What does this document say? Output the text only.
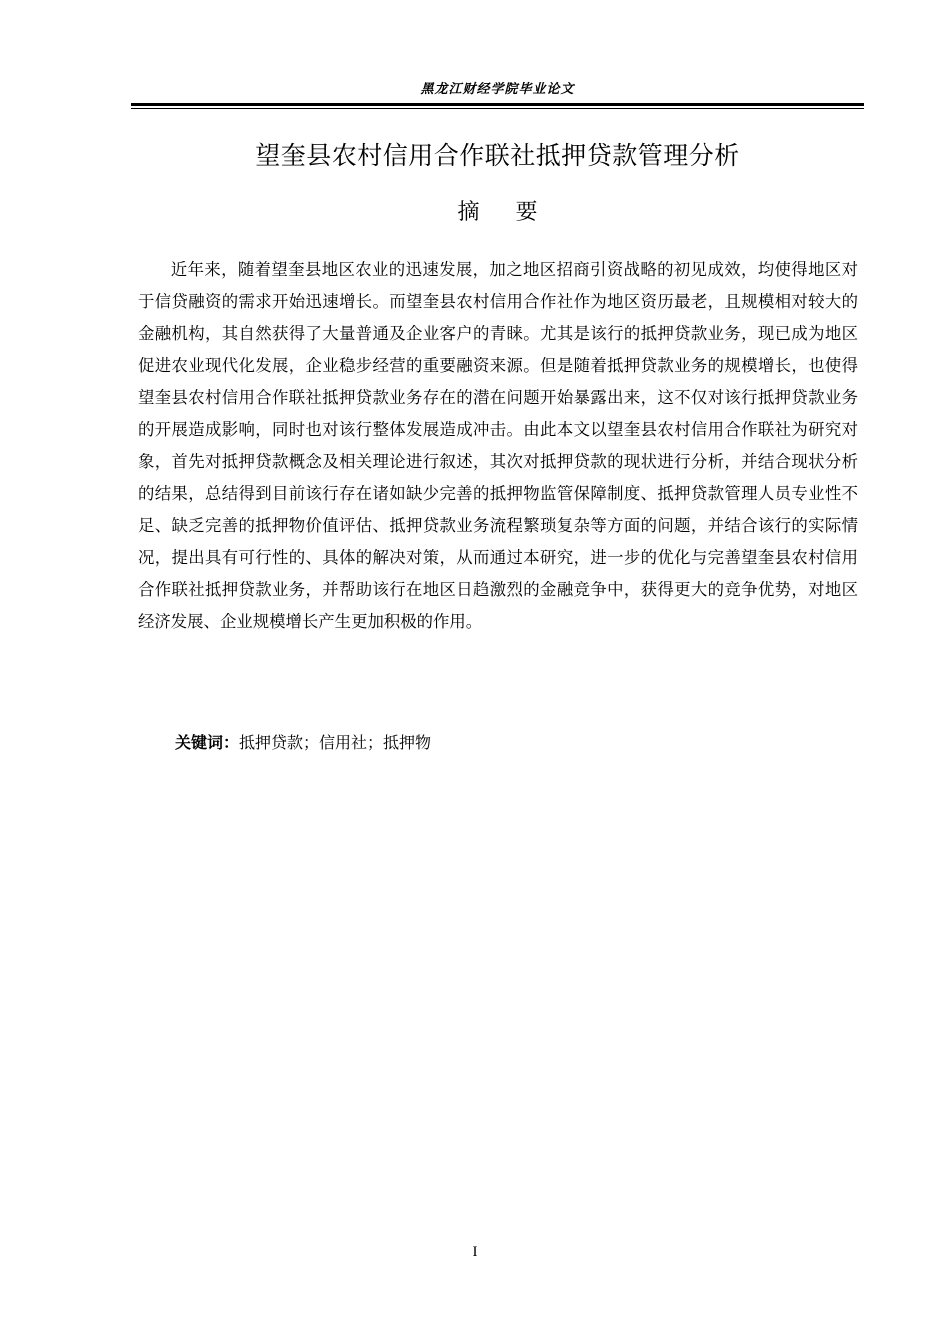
黑龙江财经学院毕业论文
望奎县农村信用合作联社抵押贷款管理分析
摘要

近年来，随着望奎县地区农业的迅速发展，加之地区招商引资战略的初见成效，均使得地区对于信贷融资的需求开始迅速增长。而望奎县农村信用合作社作为地区资历最老，且规模相对较大的金融机构，其自然获得了大量普通及企业客户的青睐。尤其是该行的抵押贷款业务，现已成为地区促进农业现代化发展，企业稳步经营的重要融资来源。但是随着抵押贷款业务的规模增长，也使得望奎县农村信用合作联社抵押贷款业务存在的潜在问题开始暴露出来，这不仅对该行抵押贷款业务的开展造成影响，同时也对该行整体发展造成冲击。由此本文以望奎县农村信用合作联社为研究对象，首先对抵押贷款概念及相关理论进行叙述，其次对抵押贷款的现状进行分析，并结合现状分析的结果，总结得到目前该行存在诸如缺少完善的抵押物监管保障制度、抵押贷款管理人员专业性不足、缺乏完善的抵押物价值评估、抵押贷款业务流程繁琐复杂等方面的问题，并结合该行的实际情况，提出具有可行性的、具体的解决对策，从而通过本研究，进一步的优化与完善望奎县农村信用合作联社抵押贷款业务，并帮助该行在地区日趋激烈的金融竞争中，获得更大的竞争优势，对地区经济发展、企业规模增长产生更加积极的作用。

关键词：抵押贷款；信用社；抵押物
I
